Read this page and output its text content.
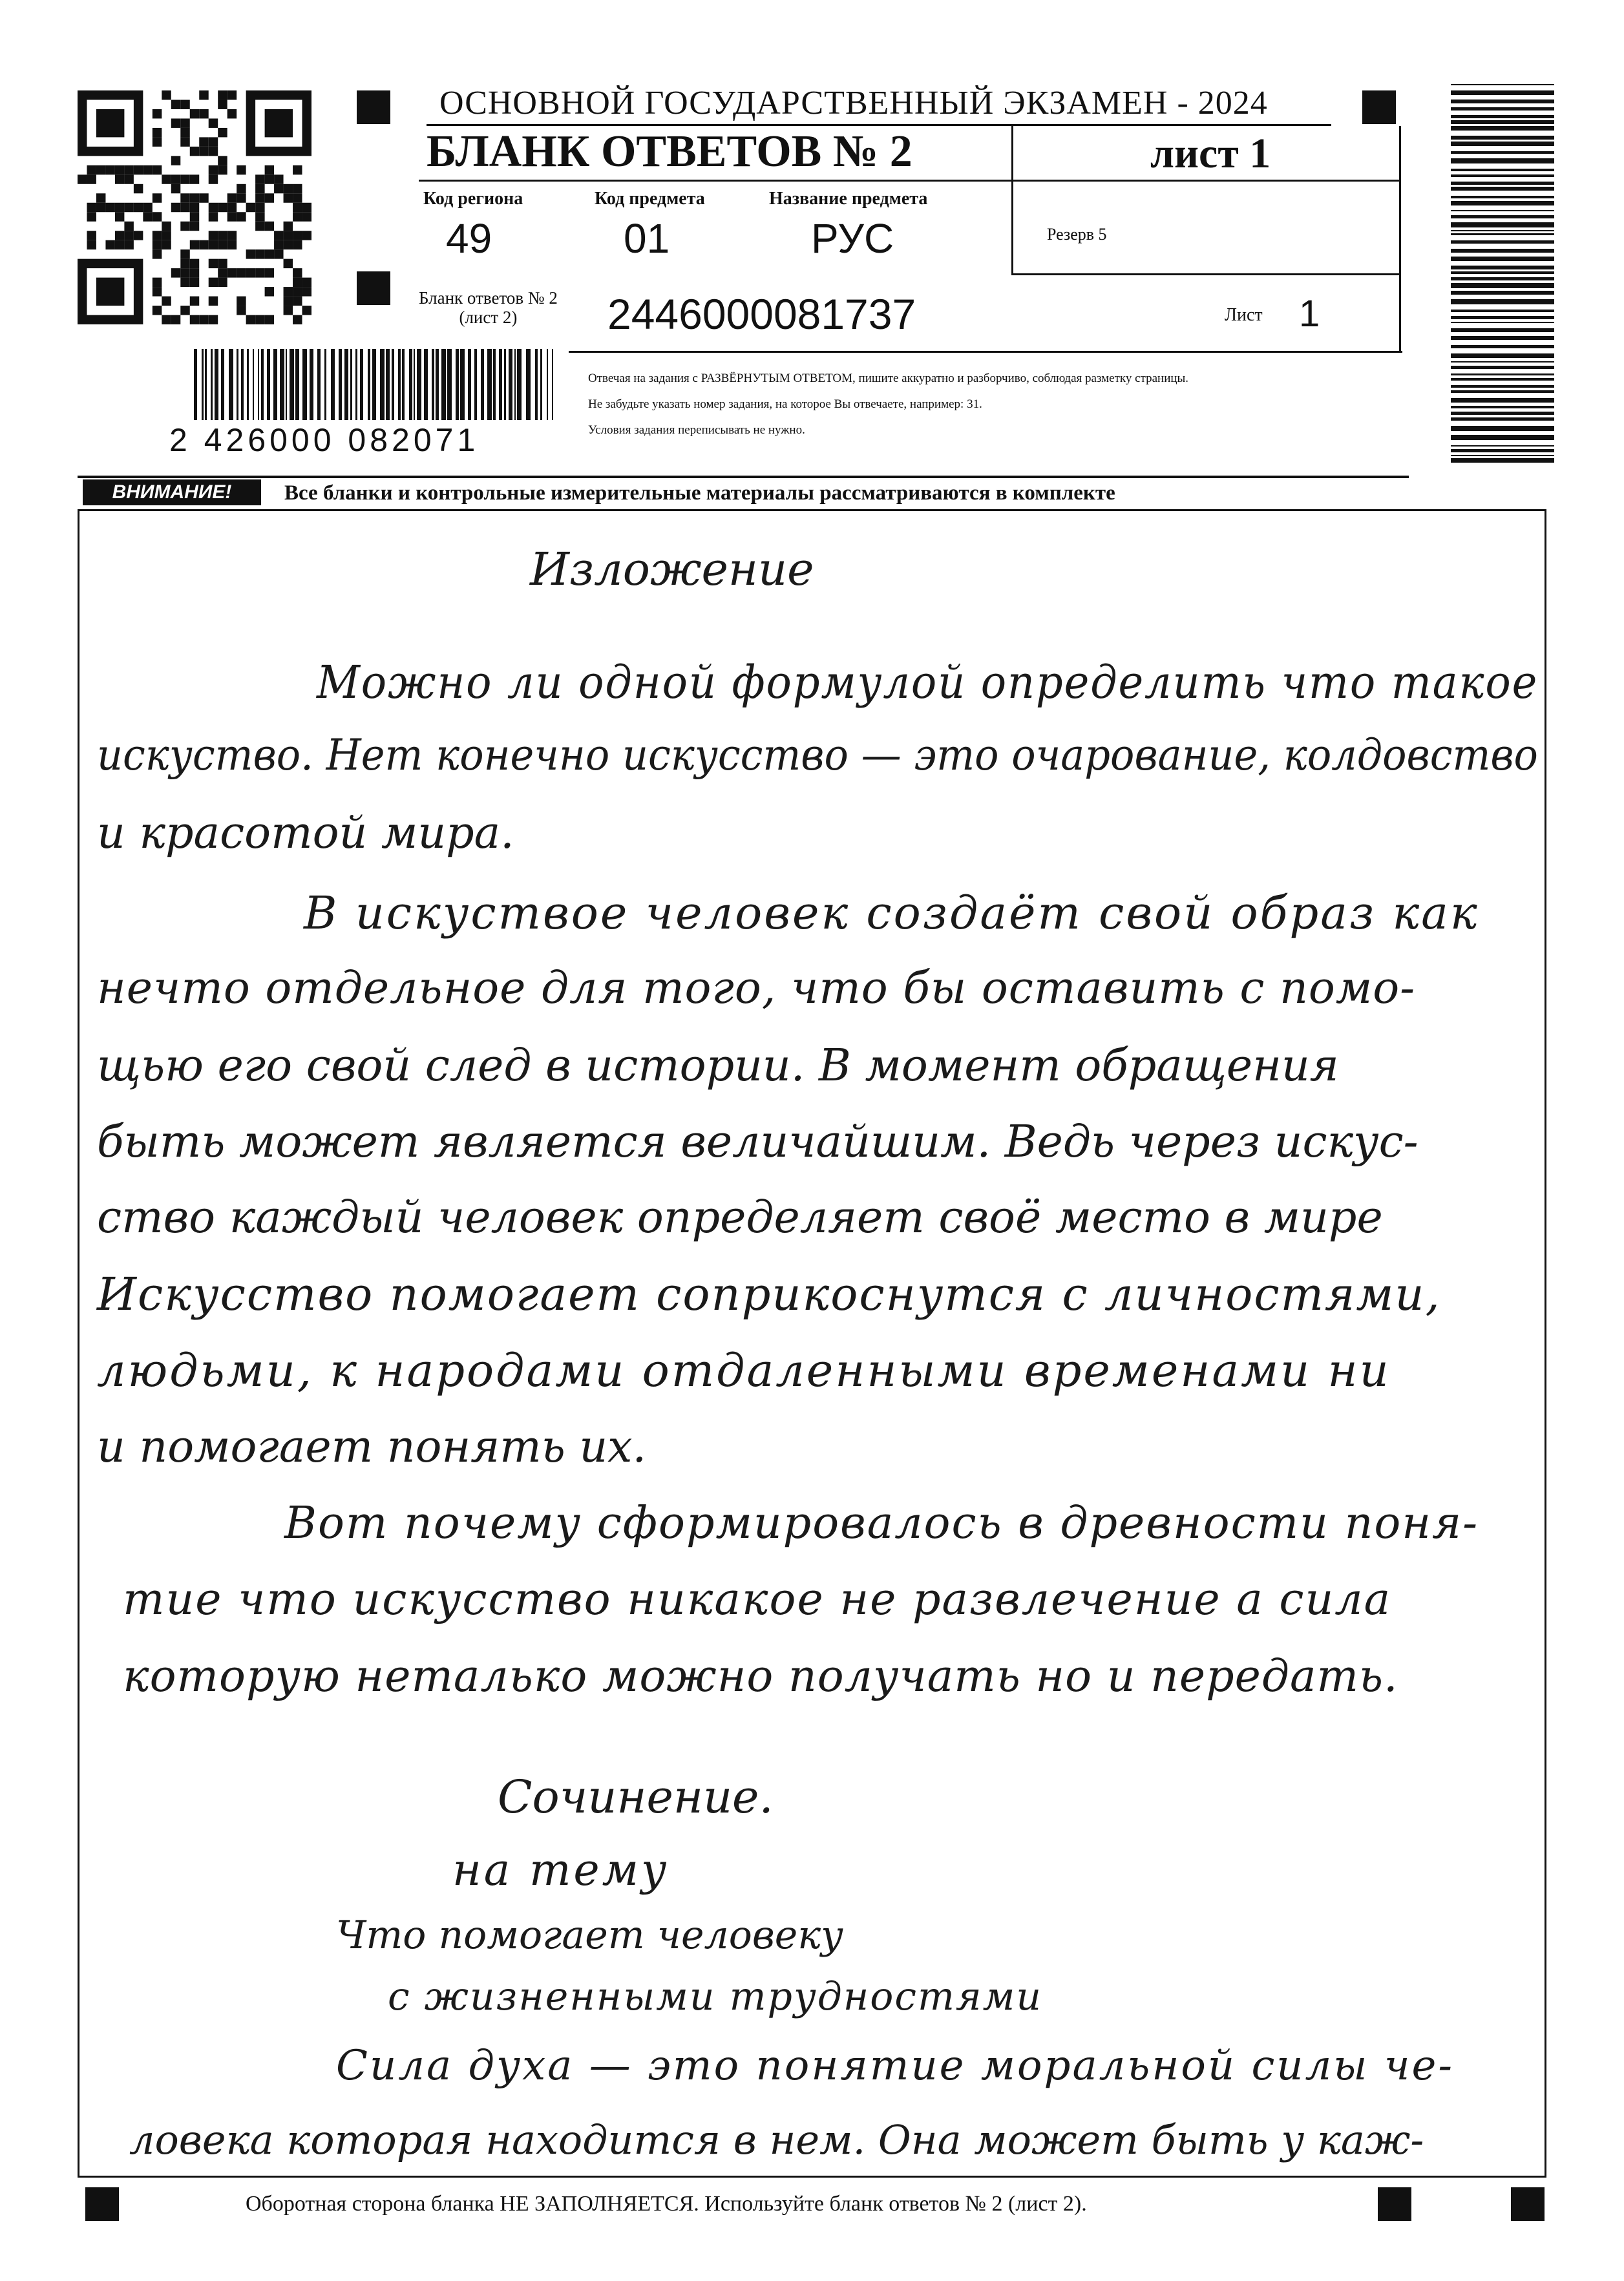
ОСНОВНОЙ ГОСУДАРСТВЕННЫЙ ЭКЗАМЕН - 2024
БЛАНК ОТВЕТОВ № 2	лист 1
Код региона
49
Код предмета
01
Название предмета
РУС	Резерв 5
Бланк ответов № 2
(лист 2)	2446000081737	Лист 1
Отвечая на задания с РАЗВЁРНУТЫМ ОТВЕТОМ, пишите аккуратно и разборчиво, соблюдая разметку страницы.
Не забудьте указать номер задания, на которое Вы отвечаете, например: 31.
Условия задания переписывать не нужно.
2 426000 082071
ВНИМАНИЕ!	Все бланки и контрольные измерительные материалы рассматриваются в комплекте
Изложение
Можно ли одной формулой определить что такое
искуство. Нет конечно искусство — это очарование, колдовство
и красотой мира.
В искуствое человек создаёт свой образ как
нечто отдельное для того, что бы оставить с помо-
щью его свой след в истории. В момент обращения
быть может является величайшим. Ведь через искус-
ство каждый человек определяет своё место в мире
Искусство помогает соприкоснутся с личностями,
людьми, к народами отдаленными временами ни
и помогает понять их.
Вот почему сформировалось в древности поня-
тие что искусство никакое не развлечение а сила
которую неталько можно получать но и передать.
Сочинение.
на тему
Что помогает человеку
с жизненными трудностями
Сила духа — это понятие моральной силы че-
ловека которая находится в нем. Она может быть у каж-
Оборотная сторона бланка НЕ ЗАПОЛНЯЕТСЯ. Используйте бланк ответов № 2 (лист 2).
